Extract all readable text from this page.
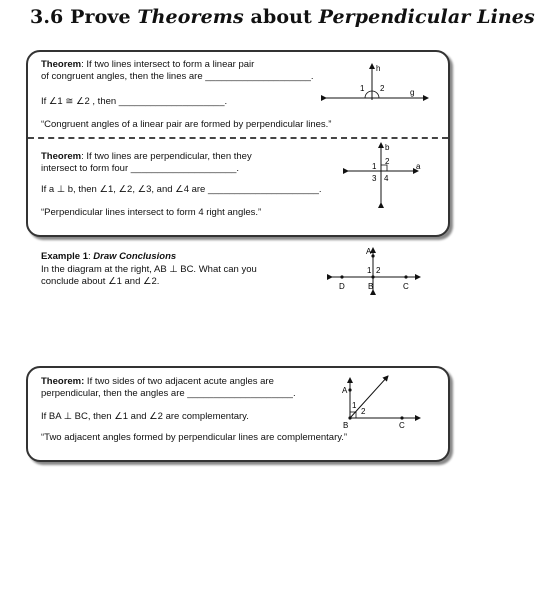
3.6 Prove Theorems about Perpendicular Lines
Theorem: If two lines intersect to form a linear pair
of congruent angles, then the lines are ____________________.
If ∠1 ≅ ∠2 , then ____________________.
“Congruent angles of a linear pair are formed by perpendicular lines.”
h
1 2	g
Theorem: If two lines are perpendicular, then they
intersect to form four ____________________.
If a ⊥ b, then ∠1, ∠2, ∠3, and ∠4 are _____________________.
“Perpendicular lines intersect to form 4 right angles.”
b
1
2
a
3 4
Example 1: Draw Conclusions
In the diagram at the right, AB ⊥ BC. What can you
conclude about ∠1 and ∠2.
A
1 2
D	B	C
Theorem: If two sides of two adjacent acute angles are
perpendicular, then the angles are ____________________.
If BA ⊥ BC, then ∠1 and ∠2 are complementary.
“Two adjacent angles formed by perpendicular lines are complementary.”
A
1
2
B	C
